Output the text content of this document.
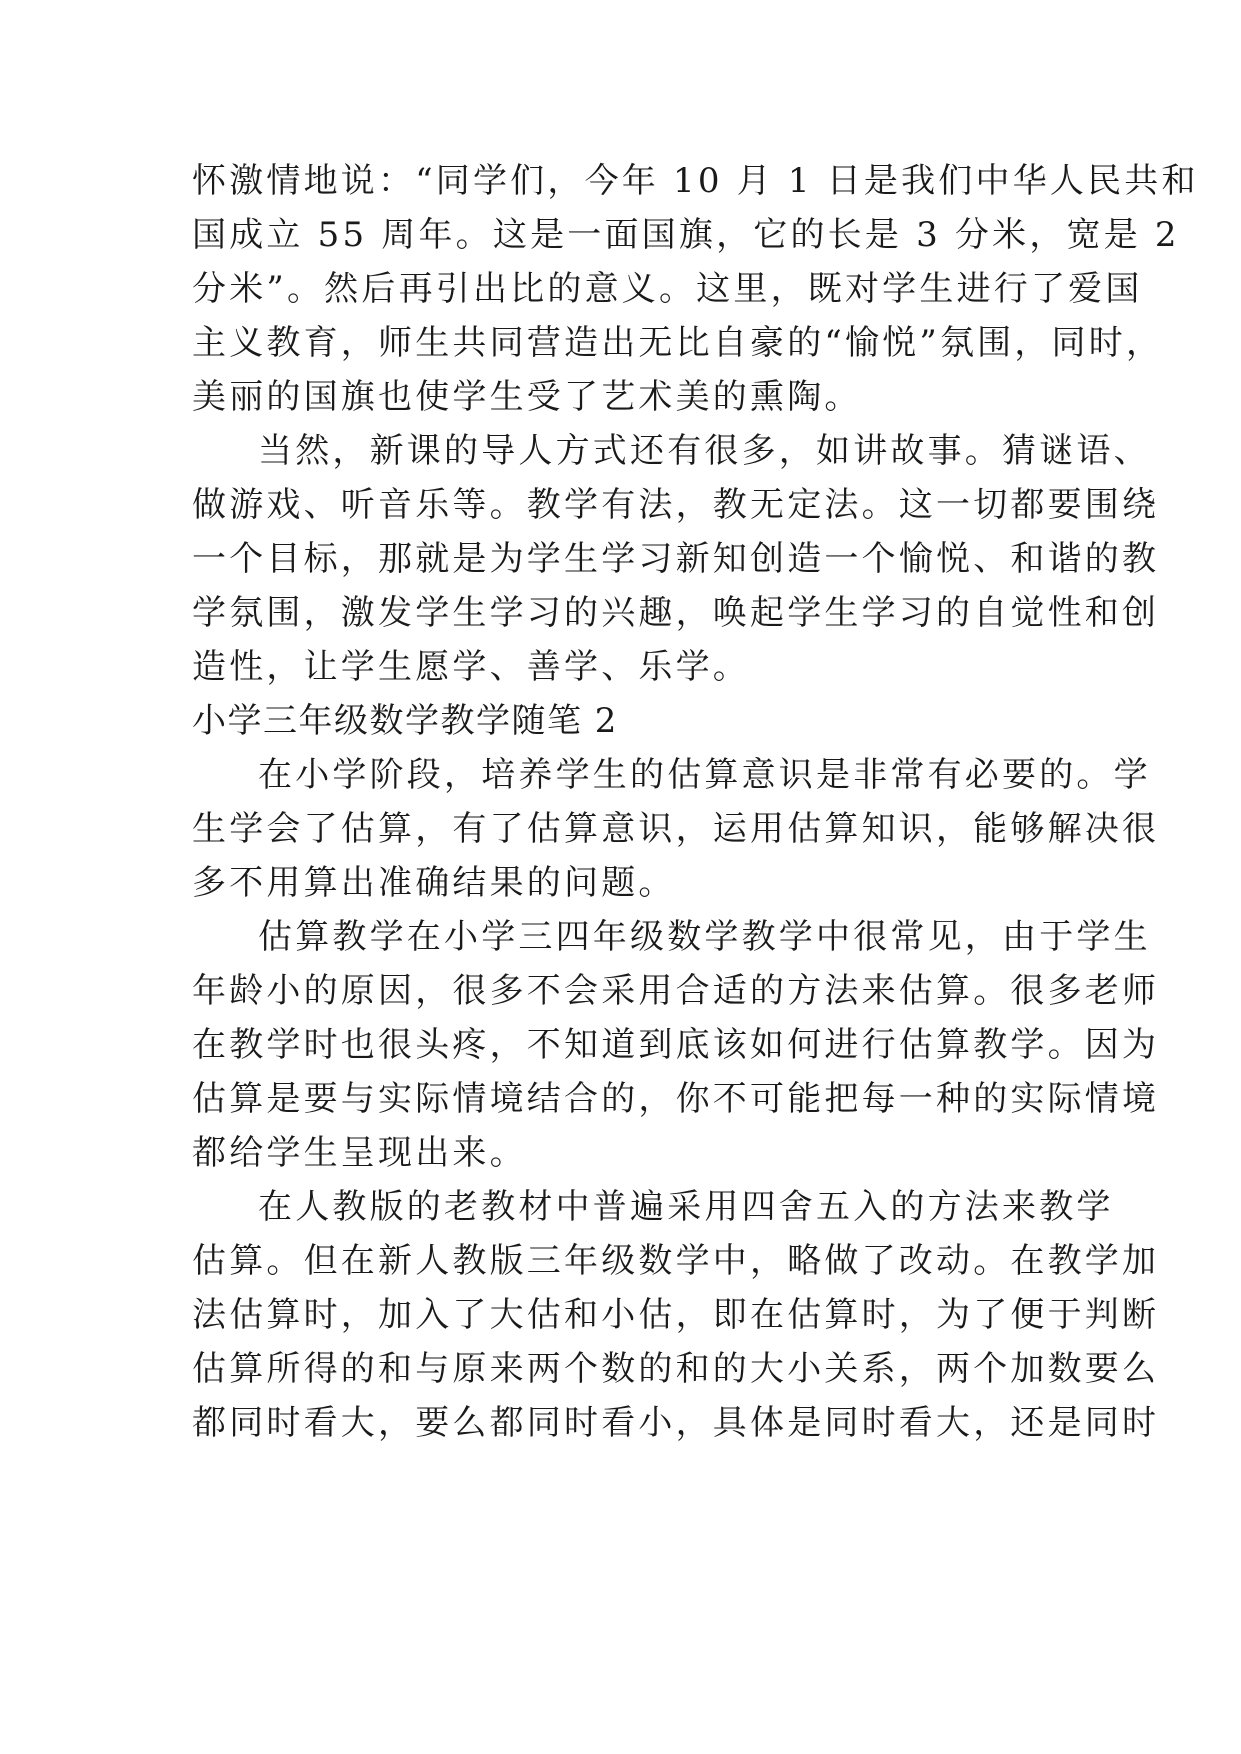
怀激情地说：“同学们，今年 10 月 1 日是我们中华人民共和
国成立 55 周年。这是一面国旗，它的长是 3 分米，宽是 2
分米”。然后再引出比的意义。这里，既对学生进行了爱国
主义教育，师生共同营造出无比自豪的“愉悦”氛围，同时，
美丽的国旗也使学生受了艺术美的熏陶。
当然，新课的导人方式还有很多，如讲故事。猜谜语、
做游戏、听音乐等。教学有法，教无定法。这一切都要围绕
一个目标，那就是为学生学习新知创造一个愉悦、和谐的教
学氛围，激发学生学习的兴趣，唤起学生学习的自觉性和创
造性，让学生愿学、善学、乐学。
小学三年级数学教学随笔 2
在小学阶段，培养学生的估算意识是非常有必要的。学
生学会了估算，有了估算意识，运用估算知识，能够解决很
多不用算出准确结果的问题。
估算教学在小学三四年级数学教学中很常见，由于学生
年龄小的原因，很多不会采用合适的方法来估算。很多老师
在教学时也很头疼，不知道到底该如何进行估算教学。因为
估算是要与实际情境结合的，你不可能把每一种的实际情境
都给学生呈现出来。
在人教版的老教材中普遍采用四舍五入的方法来教学
估算。但在新人教版三年级数学中，略做了改动。在教学加
法估算时，加入了大估和小估，即在估算时，为了便于判断
估算所得的和与原来两个数的和的大小关系，两个加数要么
都同时看大，要么都同时看小，具体是同时看大，还是同时
